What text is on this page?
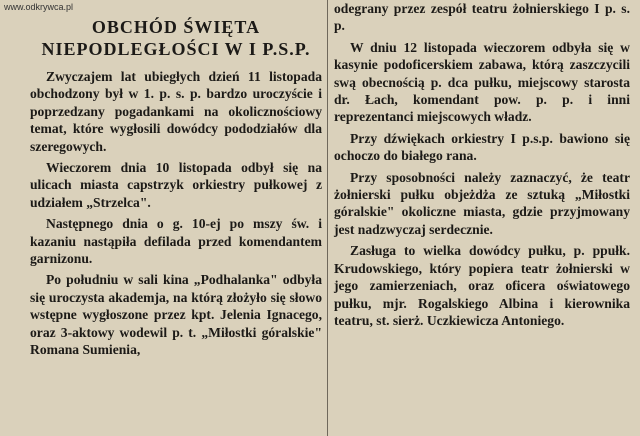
www.odkrywca.pl
OBCHÓD ŚWIĘTA
NIEPODLEGŁOŚCI W I P.S.P.

Zwyczajem lat ubiegłych dzień 11 listopada obchodzony był w 1. p. s. p. bardzo uroczyście i poprzedzany pogadankami na okolicznościowy temat, które wygłosili dowódcy pododziałów dla szeregowych.

Wieczorem dnia 10 listopada odbył się na ulicach miasta capstrzyk orkiestry pułkowej z udziałem „Strzelca".

Następnego dnia o g. 10-ej po mszy św. i kazaniu nastąpiła defilada przed komendantem garnizonu.

Po południu w sali kina „Podhalanka" odbyła się uroczysta akademja, na którą złożyło się słowo wstępne wygłoszone przez kpt. Jelenia Ignacego, oraz 3-aktowy wodewil p. t. „Miłostki góralskie" Romana Sumienia,

odegrany przez zespół teatru żołnierskiego I p. s. p.

W dniu 12 listopada wieczorem odbyła się w kasynie podoficerskiem zabawa, którą zaszczycili swą obecnością p. dca pułku, miejscowy starosta dr. Łach, komendant pow. p. p. i inni reprezentanci miejscowych władz.

Przy dźwiękach orkiestry I p.s.p. bawiono się ochoczo do białego rana.

Przy sposobności należy zaznaczyć, że teatr żołnierski pułku objeżdża ze sztuką „Miłostki góralskie" okoliczne miasta, gdzie przyjmowany jest nadzwyczaj serdecznie.

Zasługa to wielka dowódcy pułku, p. ppułk. Krudowskiego, który popiera teatr żołnierski w jego zamierzeniach, oraz oficera oświatowego pułku, mjr. Rogalskiego Albina i kierownika teatru, st. sierż. Uczkiewicza Antoniego.
